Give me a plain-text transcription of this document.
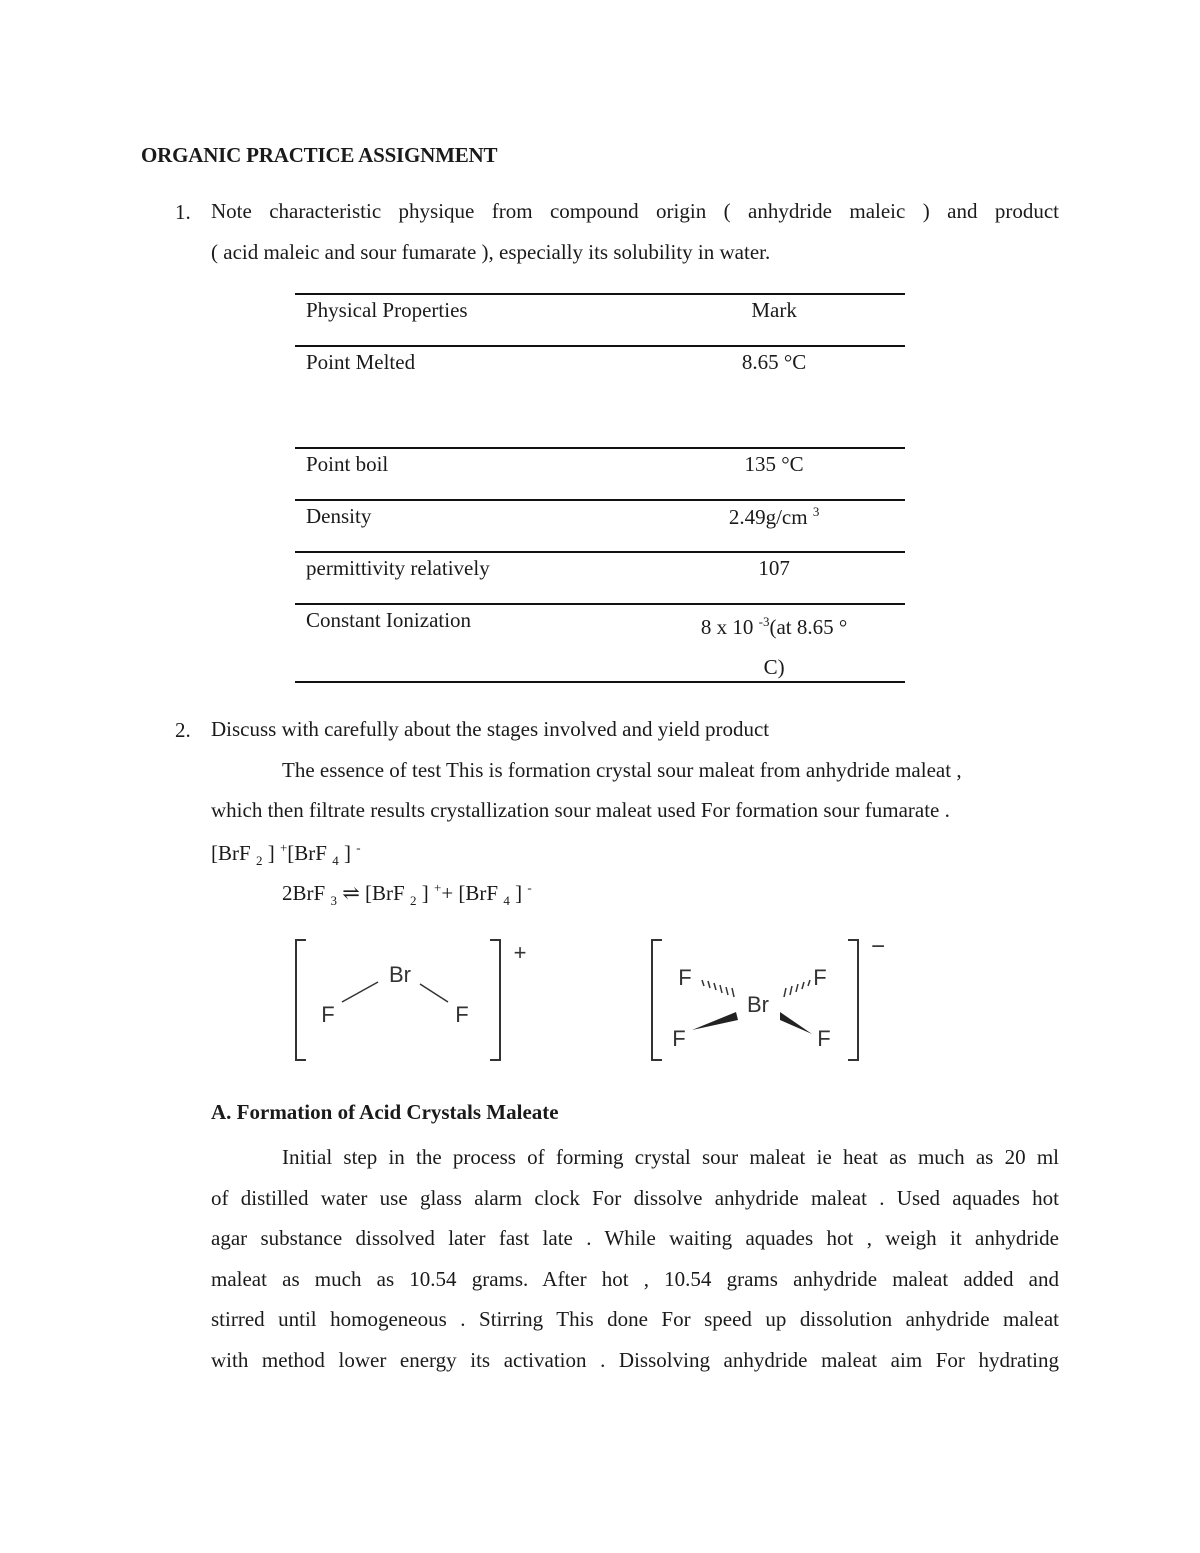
ORGANIC PRACTICE ASSIGNMENT
1. Note characteristic physique from compound origin ( anhydride maleic ) and product
( acid maleic and sour fumarate ), especially its solubility in water.
Physical Properties	Mark
Point Melted	8.65 °C
Point boil	135 °C
Density	2.49g/cm $^3$
permittivity relatively	107
Constant Ionization	8 x 10 $^{-3}$(at 8.65 °
C)
2. Discuss with carefully about the stages involved and yield product
The essence of test This is formation crystal sour maleat from anhydride maleat ,
which then filtrate results crystallization sour maleat used For formation sour fumarate .
[BrF $_2$ ] +[BrF $_4$ ] -
2BrF $_3$ ⇌ [BrF $_2$ ] ++ [BrF $_4$ ] -
Br
F	F
+
Br
F	F
F	F
−
A. Formation of Acid Crystals Maleate
Initial step in the process of forming crystal sour maleat ie heat as much as 20 ml
of distilled water use glass alarm clock For dissolve anhydride maleat . Used aquades hot
agar substance dissolved later fast late . While waiting aquades hot , weigh it anhydride
maleat as much as 10.54 grams. After hot , 10.54 grams anhydride maleat added and
stirred until homogeneous . Stirring This done For speed up dissolution anhydride maleat
with method lower energy its activation . Dissolving anhydride maleat aim For hydrating
